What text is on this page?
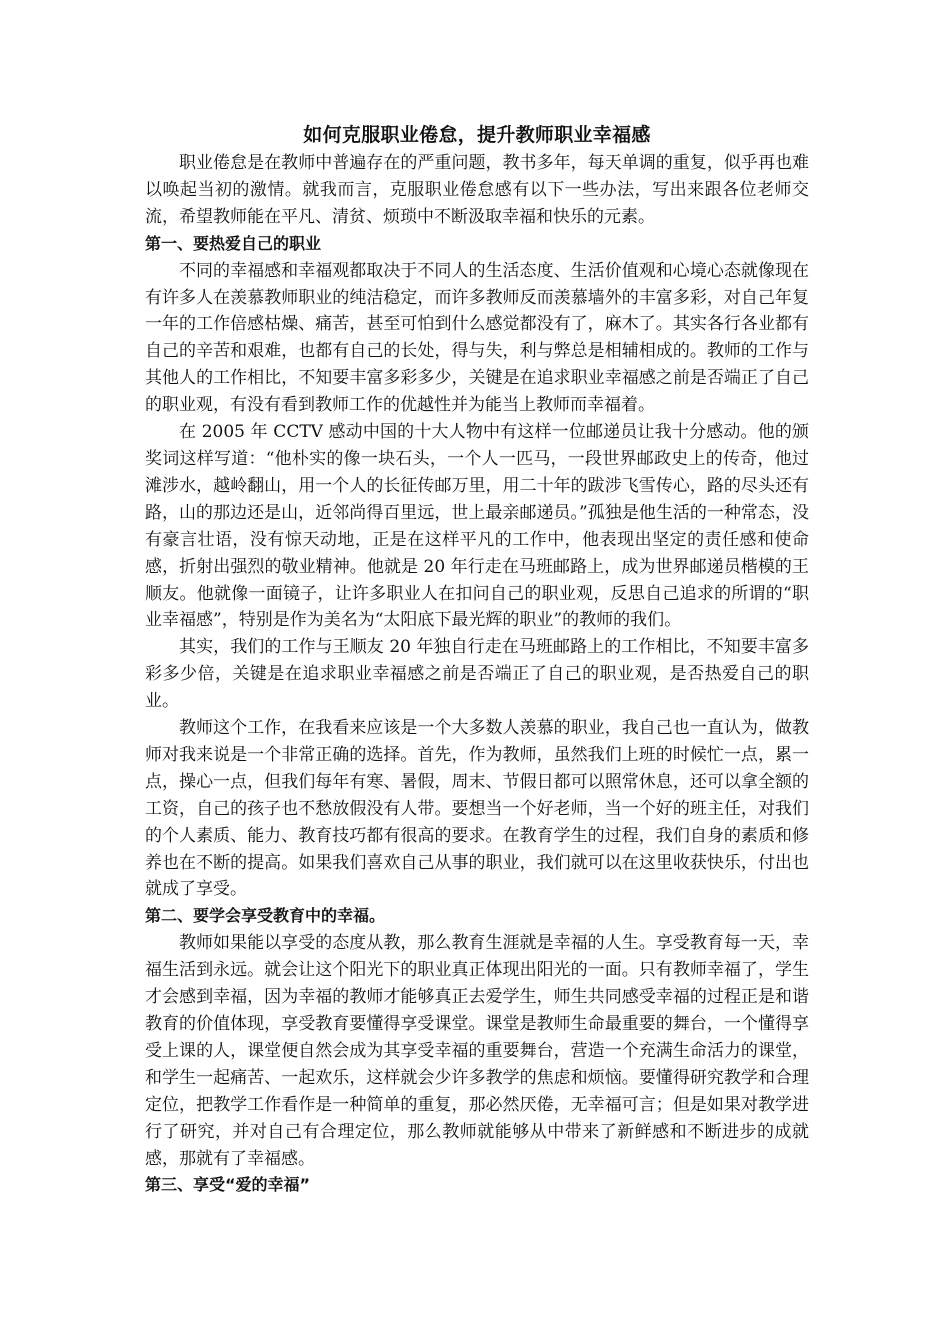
如何克服职业倦怠，提升教师职业幸福感

职业倦怠是在教师中普遍存在的严重问题，教书多年，每天单调的重复，似乎再也难以唤起当初的激情。就我而言，克服职业倦怠感有以下一些办法，写出来跟各位老师交流，希望教师能在平凡、清贫、烦琐中不断汲取幸福和快乐的元素。

第一、要热爱自己的职业

不同的幸福感和幸福观都取决于不同人的生活态度、生活价值观和心境心态就像现在有许多人在羡慕教师职业的纯洁稳定，而许多教师反而羡慕墙外的丰富多彩，对自己年复一年的工作倍感枯燥、痛苦，甚至可怕到什么感觉都没有了，麻木了。其实各行各业都有自己的辛苦和艰难，也都有自己的长处，得与失，利与弊总是相辅相成的。教师的工作与其他人的工作相比，不知要丰富多彩多少，关键是在追求职业幸福感之前是否端正了自己的职业观，有没有看到教师工作的优越性并为能当上教师而幸福着。

在 2005 年 CCTV 感动中国的十大人物中有这样一位邮递员让我十分感动。他的颁奖词这样写道：“他朴实的像一块石头，一个人一匹马，一段世界邮政史上的传奇，他过滩涉水，越岭翻山，用一个人的长征传邮万里，用二十年的跋涉飞雪传心，路的尽头还有路，山的那边还是山，近邻尚得百里远，世上最亲邮递员。”孤独是他生活的一种常态，没有豪言壮语，没有惊天动地，正是在这样平凡的工作中，他表现出坚定的责任感和使命感，折射出强烈的敬业精神。他就是 20 年行走在马班邮路上，成为世界邮递员楷模的王顺友。他就像一面镜子，让许多职业人在扣问自己的职业观，反思自己追求的所谓的“职业幸福感”，特别是作为美名为“太阳底下最光辉的职业”的教师的我们。

其实，我们的工作与王顺友 20 年独自行走在马班邮路上的工作相比，不知要丰富多彩多少倍，关键是在追求职业幸福感之前是否端正了自己的职业观，是否热爱自己的职业。

教师这个工作，在我看来应该是一个大多数人羡慕的职业，我自己也一直认为，做教师对我来说是一个非常正确的选择。首先，作为教师，虽然我们上班的时候忙一点，累一点，操心一点，但我们每年有寒、暑假，周末、节假日都可以照常休息，还可以拿全额的工资，自己的孩子也不愁放假没有人带。要想当一个好老师，当一个好的班主任，对我们的个人素质、能力、教育技巧都有很高的要求。在教育学生的过程，我们自身的素质和修养也在不断的提高。如果我们喜欢自己从事的职业，我们就可以在这里收获快乐，付出也就成了享受。

第二、要学会享受教育中的幸福。

教师如果能以享受的态度从教，那么教育生涯就是幸福的人生。享受教育每一天，幸福生活到永远。就会让这个阳光下的职业真正体现出阳光的一面。只有教师幸福了，学生才会感到幸福，因为幸福的教师才能够真正去爱学生，师生共同感受幸福的过程正是和谐教育的价值体现，享受教育要懂得享受课堂。课堂是教师生命最重要的舞台，一个懂得享受上课的人，课堂便自然会成为其享受幸福的重要舞台，营造一个充满生命活力的课堂，和学生一起痛苦、一起欢乐，这样就会少许多教学的焦虑和烦恼。要懂得研究教学和合理定位，把教学工作看作是一种简单的重复，那必然厌倦，无幸福可言；但是如果对教学进行了研究，并对自己有合理定位，那么教师就能够从中带来了新鲜感和不断进步的成就感，那就有了幸福感。

第三、享受“爱的幸福”
